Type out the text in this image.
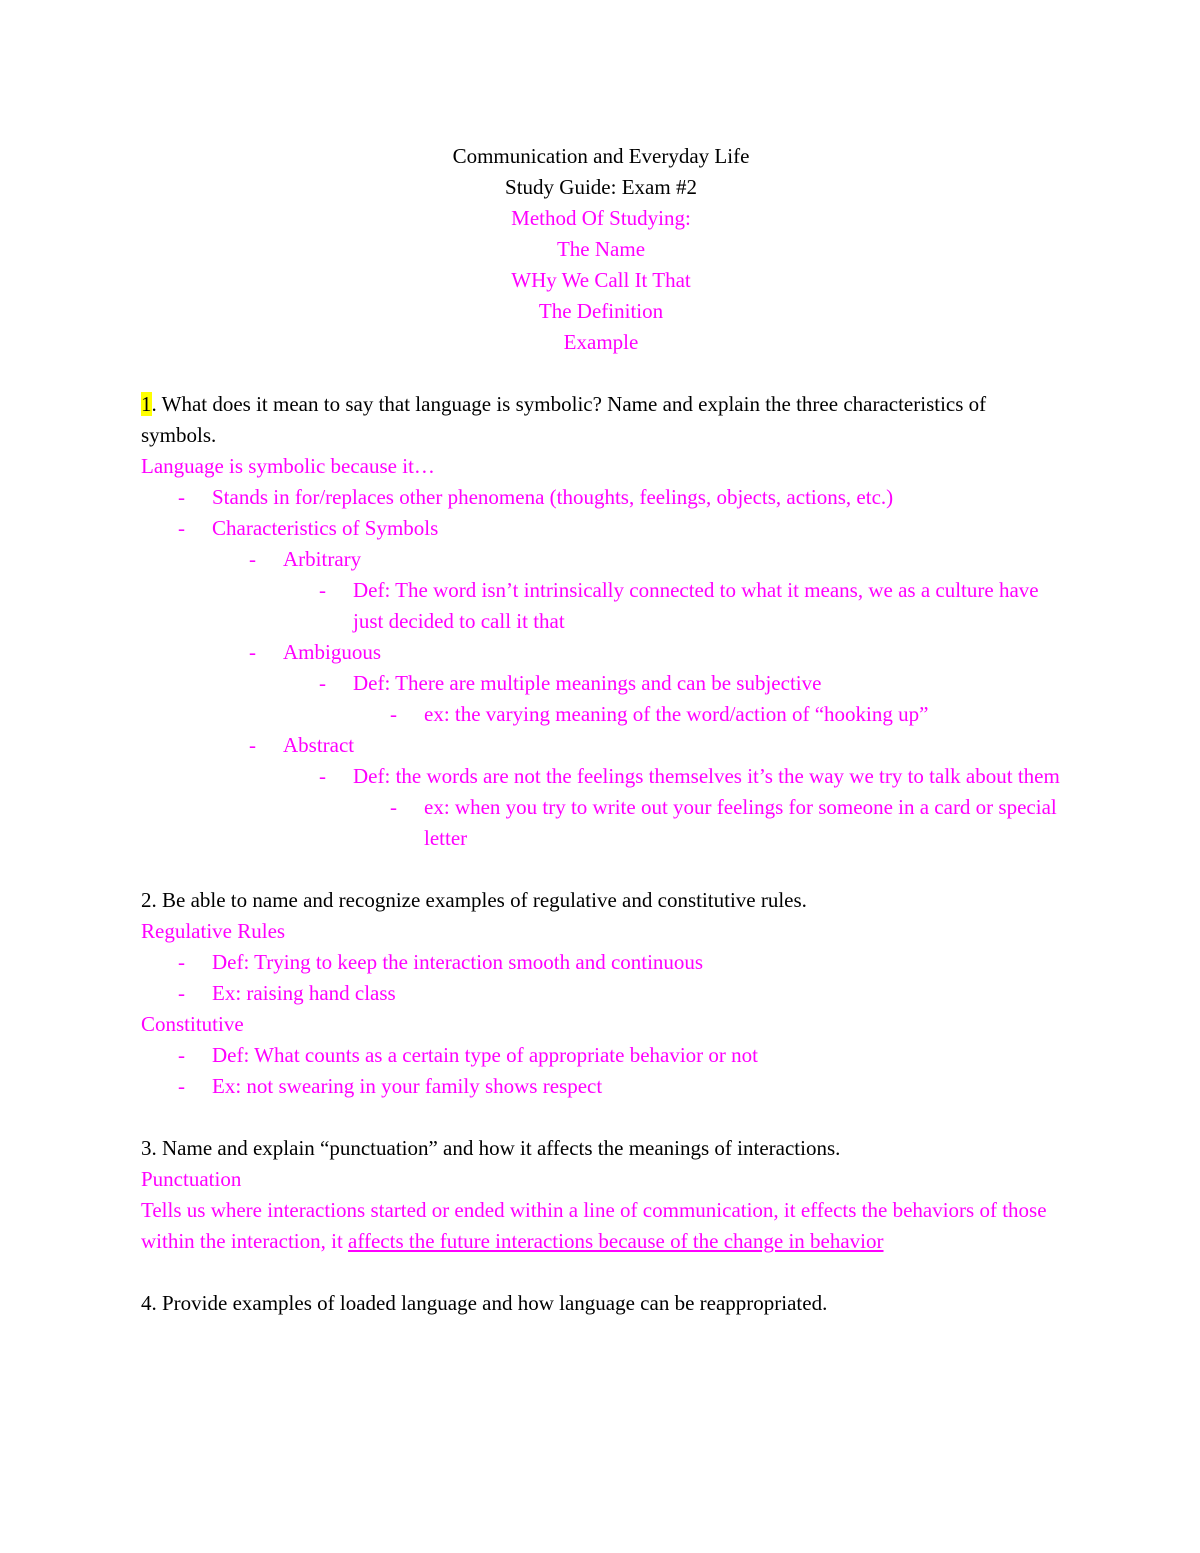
Communication and Everyday Life
Study Guide: Exam #2
Method Of Studying:
The Name
WHy We Call It That
The Definition
Example
1. What does it mean to say that language is symbolic? Name and explain the three characteristics of symbols.
Language is symbolic because it…
- Stands in for/replaces other phenomena (thoughts, feelings, objects, actions, etc.)
- Characteristics of Symbols
- Arbitrary
- Def: The word isn’t intrinsically connected to what it means, we as a culture have just decided to call it that
- Ambiguous
- Def: There are multiple meanings and can be subjective
- ex: the varying meaning of the word/action of “hooking up”
- Abstract
- Def: the words are not the feelings themselves it’s the way we try to talk about them
- ex: when you try to write out your feelings for someone in a card or special letter
2. Be able to name and recognize examples of regulative and constitutive rules.
Regulative Rules
- Def: Trying to keep the interaction smooth and continuous
- Ex: raising hand class
Constitutive
- Def: What counts as a certain type of appropriate behavior or not
- Ex: not swearing in your family shows respect
3. Name and explain “punctuation” and how it affects the meanings of interactions.
Punctuation
Tells us where interactions started or ended within a line of communication, it effects the behaviors of those within the interaction, it affects the future interactions because of the change in behavior
4. Provide examples of loaded language and how language can be reappropriated.
